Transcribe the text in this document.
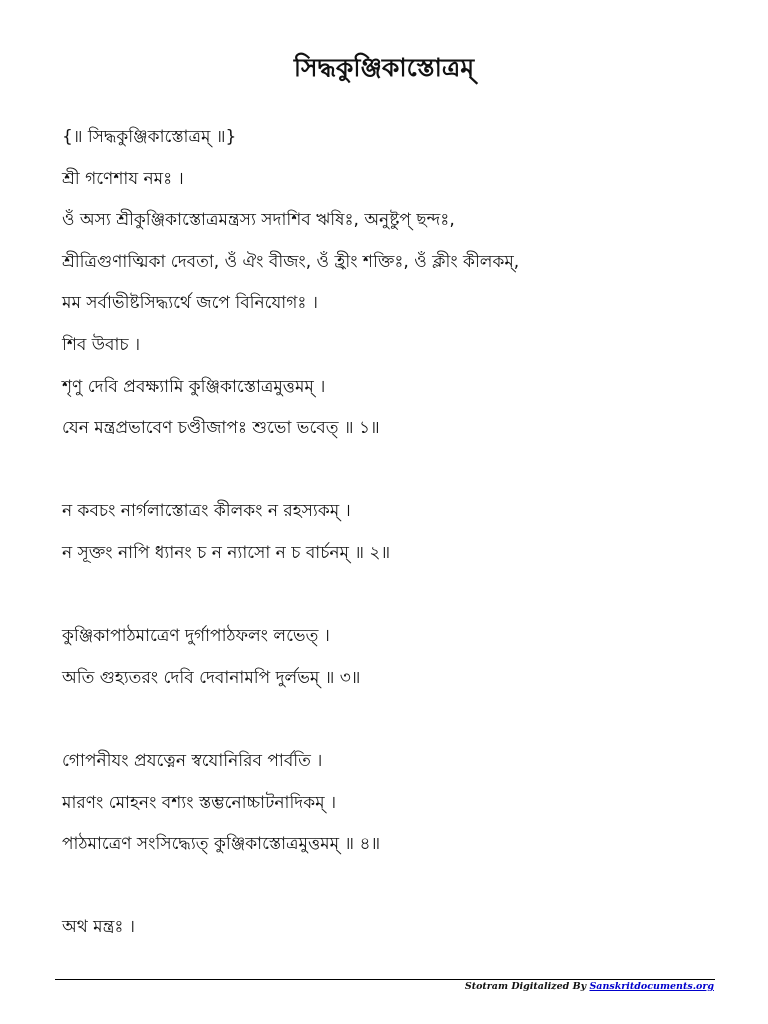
সিদ্ধকুঞ্জিকাস্তোত্রম্
{॥ সিদ্ধকুঞ্জিকাস্তোত্রম্ ॥}
শ্রী গণেশায নমঃ ।
ওঁ অস্য শ্রীকুঞ্জিকাস্তোত্রমন্ত্রস্য সদাশিব ঋষিঃ, অনুষ্টুপ্ ছন্দঃ,
শ্রীত্রিগুণাত্মিকা দেবতা, ওঁ ঐং বীজং, ওঁ হ্রীং শক্তিঃ, ওঁ ক্লীং কীলকম্,
মম সর্বাভীষ্টসিদ্ধ্যর্থে জপে বিনিযোগঃ ।
শিব উবাচ ।
শৃণু দেবি প্রবক্ষ্যামি কুঞ্জিকাস্তোত্রমুত্তমম্ ।
যেন মন্ত্রপ্রভাবেণ চণ্ডীজাপঃ শুভো ভবেত্ ॥ ১॥
ন কবচং নার্গলাস্তোত্রং কীলকং ন রহস্যকম্ ।
ন সূক্তং নাপি ধ্যানং চ ন ন্যাসো ন চ বার্চনম্ ॥ ২॥
কুঞ্জিকাপাঠমাত্রেণ দুর্গাপাঠফলং লভেত্ ।
অতি গুহ্যতরং দেবি দেবানামপি দুর্লভম্ ॥ ৩॥
গোপনীযং প্রযত্নেন স্বযোনিরিব পার্বতি ।
মারণং মোহনং বশ্যং স্তম্ভনোচ্চাটনাদিকম্ ।
পাঠমাত্রেণ সংসিদ্ধ্যেত্ কুঞ্জিকাস্তোত্রমুত্তমম্ ॥ ৪॥
অথ মন্ত্রঃ ।
Stotram Digitalized By Sanskritdocuments.org
